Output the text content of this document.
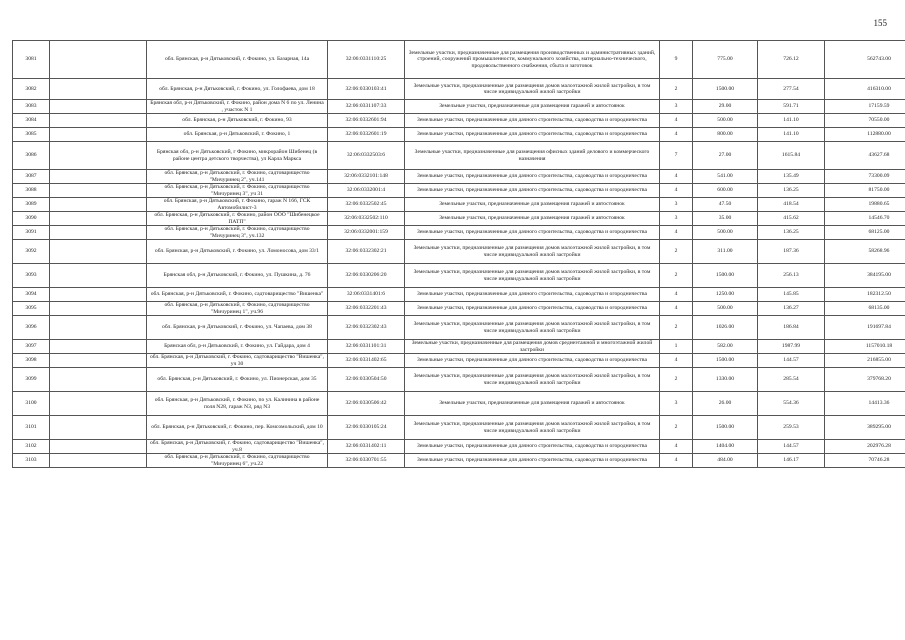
155
3081		обл. Брянская, р-н Дятьковский, г. Фокино, ул. Базарная, 14а	32:06:0331110:25	Земельные участки, предназначенные для размещения производственных и административных зданий, строений, сооружений промышленности, коммунального хозяйства, материально-технического, продовольственного снабжения, сбыта и заготовок	9	775.00	726.12	562743.00
3082		обл. Брянская, р-н Дятьковский, г. Фокино, ул. Голофаева, дом 18	32:06:0330103:41	Земельные участки, предназначенные для размещения домов малоэтажной жилой застройки, в том числе индивидуальной жилой застройки	2	1500.00	277.54	416310.00
3083		Брянская обл, р-н Дятьковский, г. Фокино, район дома N 6 по ул. Ленина , участок N 1	32:06:0331107:33	Земельные участки, предназначенные для размещения гаражей и автостоянок	3	29.00	591.71	17159.59
3084		обл. Брянская, р-н Дятьковский, г. Фокино, 93	32:06:0332601:94	Земельные участки, предназначенные для дачного строительства, садоводства и огородничества	4	500.00	141.10	70550.00
3085		обл. Брянская, р-н Дятьковский, г. Фокино, 1	32:06:0332601:19	Земельные участки, предназначенные для дачного строительства, садоводства и огородничества	4	800.00	141.10	112880.00
3086		Брянская обл, р-н Дятьковский, г Фокино, микрорайон Шибенец (в районе центра детского творчества), ул Карла Маркса	32:06:0332503:6	Земельные участки, предназначенные для размещения офисных зданий делового и коммерческого назначения	7	27.00	1615.84	43627.68
3087		обл. Брянская, р-н Дятьковский, г. Фокино, садтоварищество "Мичуринец 2", уч.141	32:06:0332101:148	Земельные участки, предназначенные для дачного строительства, садоводства и огородничества	4	541.00	135.49	73300.09
3088		обл. Брянская, р-н Дятьковский, г. Фокино, садтоварищество "Мичуринец 3", уч 31	32:06:0332001:4	Земельные участки, предназначенные для дачного строительства, садоводства и огородничества	4	600.00	136.25	81750.00
3089		обл. Брянская, р-н Дятьковский, г. Фокино, гараж N 166, ГСК Автомобилист-3	32:06:0332502:45	Земельные участки, предназначенные для размещения гаражей и автостоянок	3	47.50	418.54	19880.65
3090		обл. Брянская, р-н Дятьковский, г. Фокино, район ООО "Шибенецкое ПАТП"	32:06:0332502:110	Земельные участки, предназначенные для размещения гаражей и автостоянок	3	35.00	415.62	14546.70
3091		обл. Брянская, р-н Дятьковский, г. Фокино, садтоварищество "Мичуринец 3", уч.132	32:06:0332001:159	Земельные участки, предназначенные для дачного строительства, садоводства и огородничества	4	500.00	136.25	68125.00
3092		обл. Брянская, р-н Дятьковский, г. Фокино, ул. Ломоносова, дом 33/1	32:06:0332302:21	Земельные участки, предназначенные для размещения домов малоэтажной жилой застройки, в том числе индивидуальной жилой застройки	2	311.00	187.36	58268.96
3093		Брянская обл, р-н Дятьковский, г. Фокино, ул. Пушкина, д. 76	32:06:0330206:20	Земельные участки, предназначенные для размещения домов малоэтажной жилой застройки, в том числе индивидуальной жилой застройки	2	1500.00	256.13	384195.00
3094		обл. Брянская, р-н Дятьковский, г. Фокино, садтоварищество "Вишенка"	32:06:0331401:6	Земельные участки, предназначенные для дачного строительства, садоводства и огородничества	4	1250.00	145.85	182312.50
3095		обл. Брянская, р-н Дятьковский, г. Фокино, садтоварищество "Мичуринец 1", уч.96	32:06:0332201:43	Земельные участки, предназначенные для дачного строительства, садоводства и огородничества	4	500.00	136.27	68135.00
3096		обл. Брянская, р-н Дятьковский, г. Фокино, ул. Чапаева, дом 38	32:06:0332302:43	Земельные участки, предназначенные для размещения домов малоэтажной жилой застройки, в том числе индивидуальной жилой застройки	2	1026.00	186.84	191697.84
3097		Брянская обл, р-н Дятьковский, г. Фокино, ул. Гайдара, дом 4	32:06:0331101:31	Земельные участки, предназначенные для размещения домов среднеэтажной и многоэтажной жилой застройки	1	582.00	1987.99	1157010.18
3098		обл. Брянская, р-н Дятьковский, г. Фокино, садтоварищество "Вишенка", уч 30	32:06:0331402:65	Земельные участки, предназначенные для дачного строительства, садоводства и огородничества	4	1500.00	144.57	216855.00
3099		обл. Брянская, р-н Дятьковский, г. Фокино, ул. Пионерская, дом 35	32:06:0330504:50	Земельные участки, предназначенные для размещения домов малоэтажной жилой застройки, в том числе индивидуальной жилой застройки	2	1330.00	285.54	379768.20
3100		обл. Брянская, р-н Дятьковский, г. Фокино, по ул. Калинина в районе поля N28, гараж N3, ряд N3	32:06:0330506:42	Земельные участки, предназначенные для размещения гаражей и автостоянок	3	26.00	554.36	14413.36
3101		обл. Брянская, р-н Дятьковский, г. Фокино, пер. Комсомольский, дом 10	32:06:0330105:24	Земельные участки, предназначенные для размещения домов малоэтажной жилой застройки, в том числе индивидуальной жилой застройки	2	1500.00	259.53	389295.00
3102		обл. Брянская, р-н Дятьковский, г. Фокино, садтоварищество "Вишенка", уч.8	32:06:0331402:11	Земельные участки, предназначенные для дачного строительства, садоводства и огородничества	4	1404.00	144.57	202976.28
3103		обл. Брянская, р-н Дятьковский, г. Фокино, садтоварищество "Мичуринец 6", уч.22	32:06:0330701:55	Земельные участки, предназначенные для дачного строительства, садоводства и огородничества	4	484.00	146.17	70746.28
